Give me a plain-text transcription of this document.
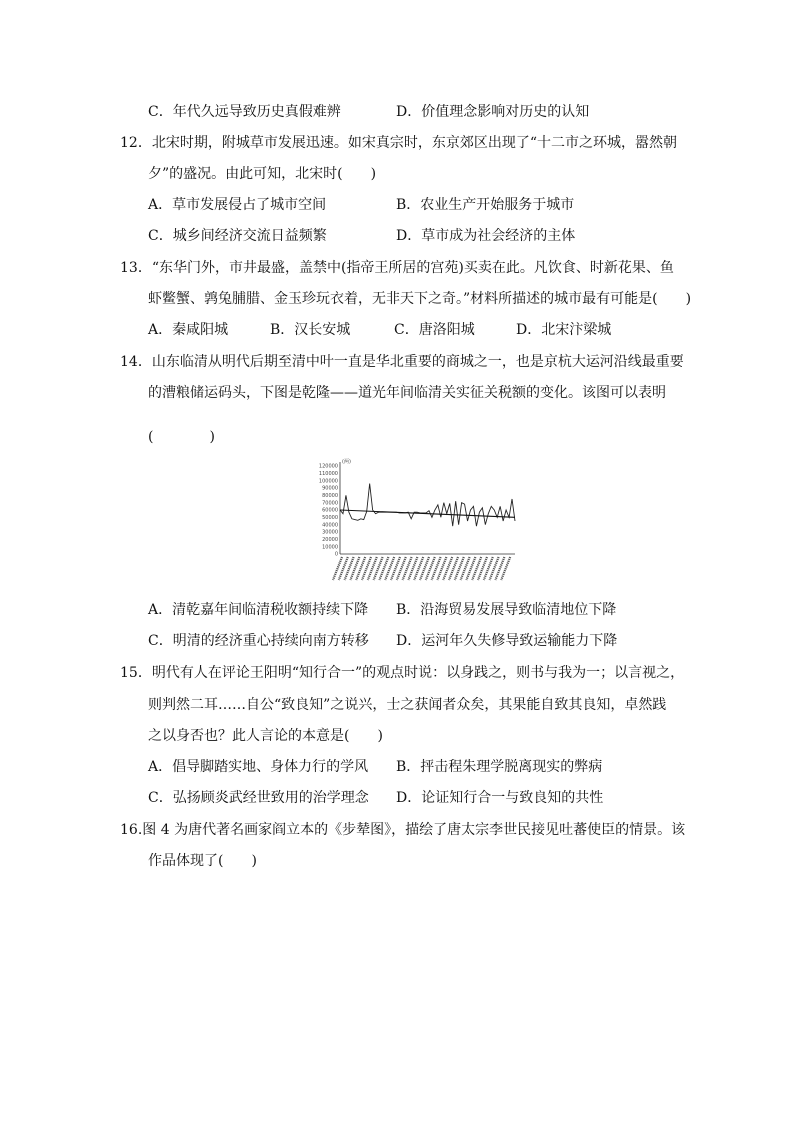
C．年代久远导致历史真假难辨	D．价值理念影响对历史的认知
12．北宋时期，附城草市发展迅速。如宋真宗时，东京郊区出现了“十二市之环城，嚣然朝
夕”的盛况。由此可知，北宋时(　　)
A．草市发展侵占了城市空间	B．农业生产开始服务于城市
C．城乡间经济交流日益频繁	D．草市成为社会经济的主体
13．“东华门外，市井最盛，盖禁中(指帝王所居的宫苑)买卖在此。凡饮食、时新花果、鱼
虾鳖蟹、鹑兔脯腊、金玉珍玩衣着，无非天下之奇。”材料所描述的城市最有可能是(　　)
A．秦咸阳城	B．汉长安城	C．唐洛阳城	D．北宋汴梁城
14．山东临清从明代后期至清中叶一直是华北重要的商城之一，也是京杭大运河沿线最重要
的漕粮储运码头，下图是乾隆——道光年间临清关实征关税额的变化。该图可以表明
(　　　　)
(两)
120000
110000
100000
90000
80000
70000
60000
50000
40000
30000
20000
10000
0
A．清乾嘉年间临清税收额持续下降 B．沿海贸易发展导致临清地位下降
C．明清的经济重心持续向南方转移 D．运河年久失修导致运输能力下降
15．明代有人在评论王阳明“知行合一”的观点时说：以身践之，则书与我为一；以言视之，
则判然二耳……自公“致良知”之说兴，士之获闻者众矣，其果能自致其良知，卓然践
之以身否也？此人言论的本意是(　　)
A．倡导脚踏实地、身体力行的学风 B．抨击程朱理学脱离现实的弊病
C．弘扬顾炎武经世致用的治学理念 D．论证知行合一与致良知的共性
16.图 4 为唐代著名画家阎立本的《步辇图》，描绘了唐太宗李世民接见吐蕃使臣的情景。该
作品体现了(　　)
